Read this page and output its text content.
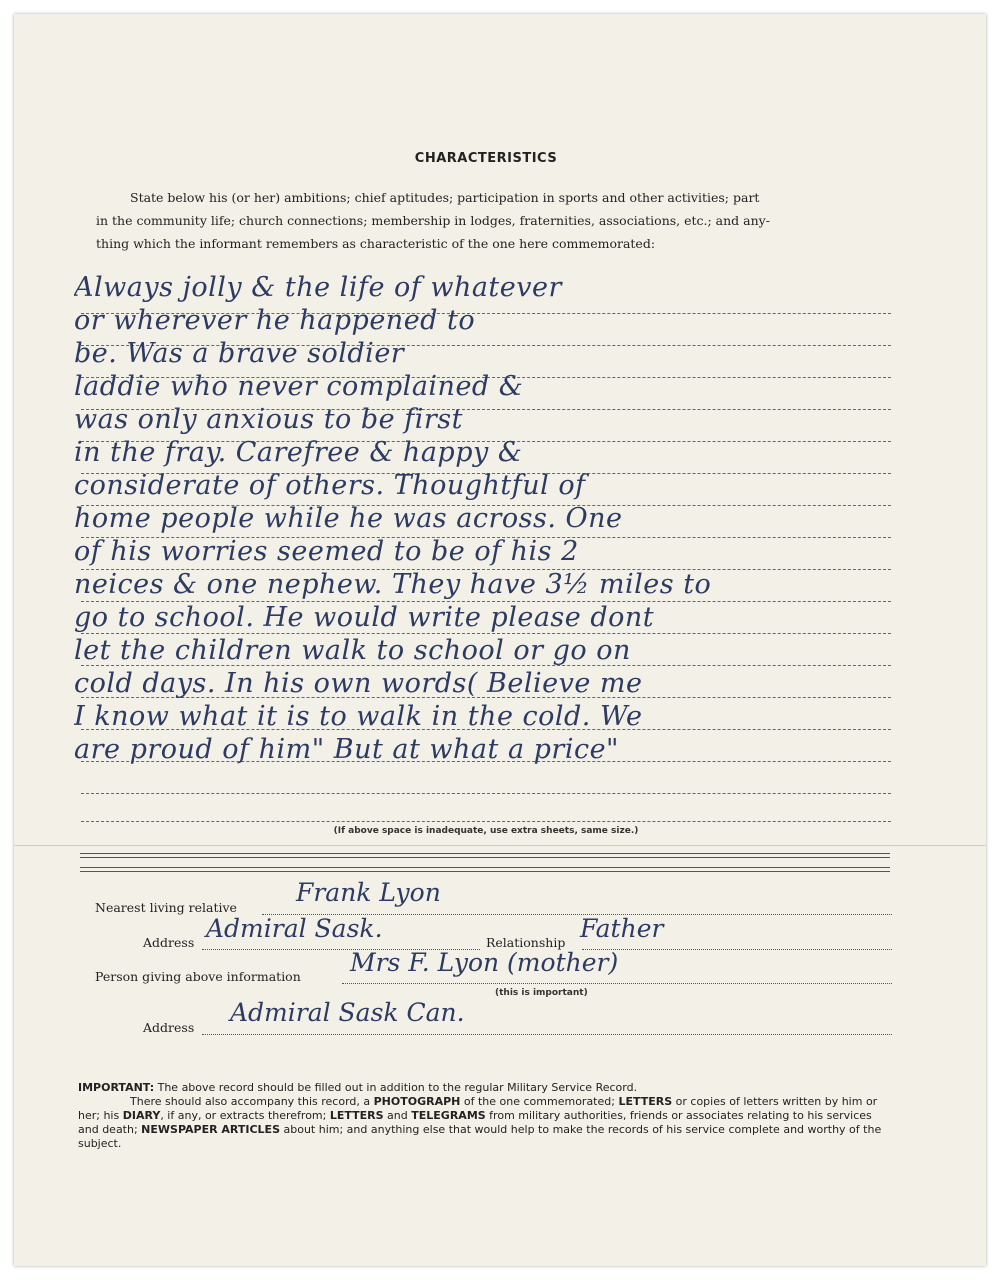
CHARACTERISTICS
State below his (or her) ambitions; chief aptitudes; participation in sports and other activities; part
in the community life; church connections; membership in lodges, fraternities, associations, etc.; and any-
thing which the informant remembers as characteristic of the one here commemorated:
Always jolly & the life of whatever
or wherever he happened to
be. Was a brave soldier
laddie who never complained &
was only anxious to be first
in the fray. Carefree & happy &
considerate of others. Thoughtful of
home people while he was across. One
of his worries seemed to be of his 2
neices & one nephew. They have 3½ miles to
go to school. He would write please dont
let the children walk to school or go on
cold days. In his own words( Believe me
I know what it is to walk in the cold. We
are proud of him" But at what a price"
(If above space is inadequate, use extra sheets, same size.)
Nearest living relative
Frank Lyon
Address Admiral Sask.	Relationship Father
Person giving above information Mrs F. Lyon (mother)
(this is important)
Address
Admiral Sask Can.
IMPORTANT: The above record should be filled out in addition to the regular Military Service Record.
There should also accompany this record, a PHOTOGRAPH of the one commemorated; LETTERS or copies of letters written by him or her; his DIARY, if any, or extracts therefrom; LETTERS and TELEGRAMS from military authorities, friends or associates relating to his services and death; NEWSPAPER ARTICLES about him; and anything else that would help to make the records of his service complete and worthy of the subject.
